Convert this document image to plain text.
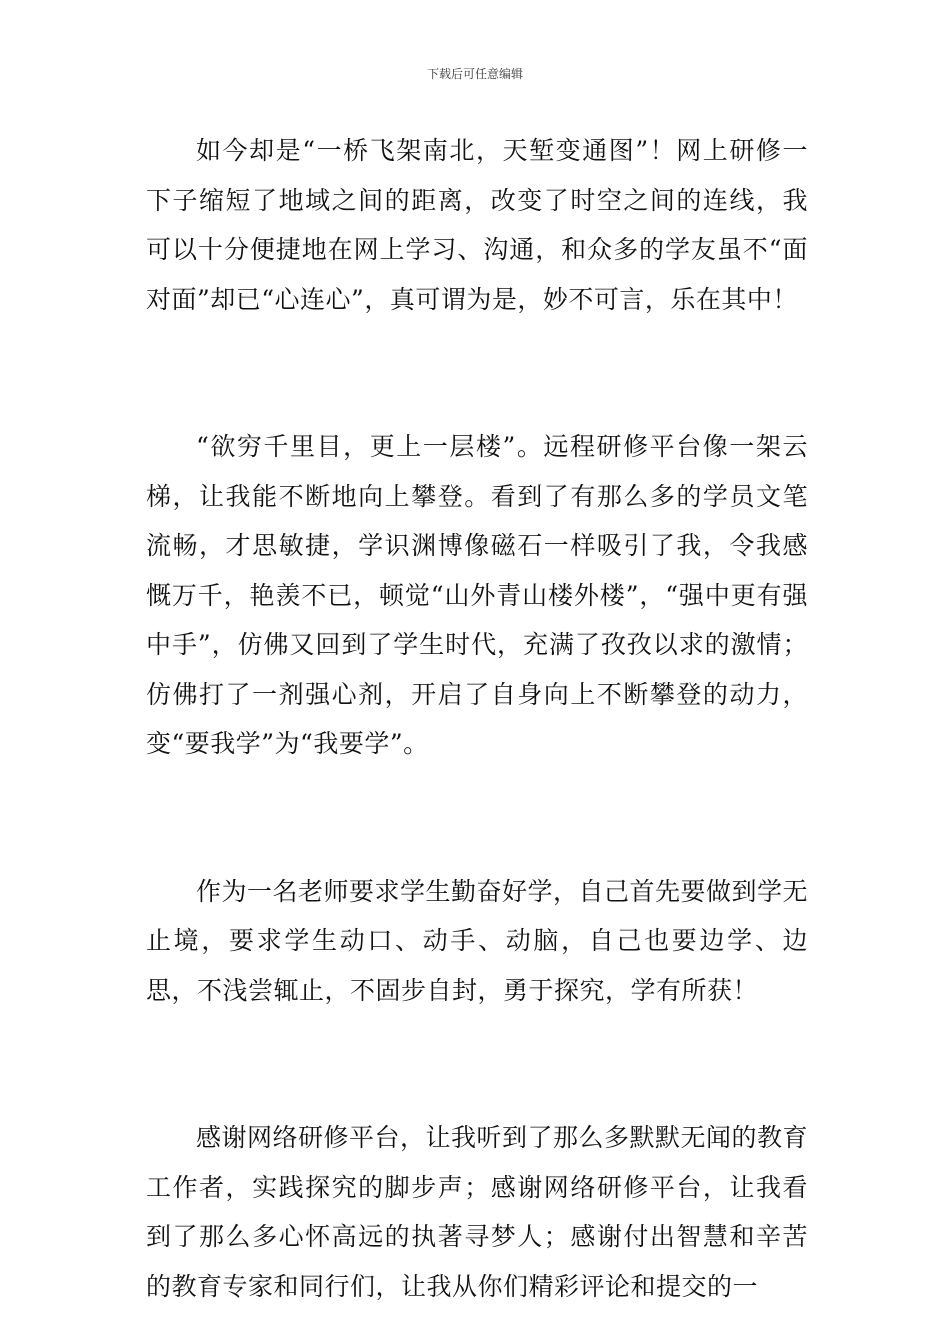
下载后可任意编辑

如今却是“一桥飞架南北，天堑变通图”！网上研修一下子缩短了地域之间的距离，改变了时空之间的连线，我可以十分便捷地在网上学习、沟通，和众多的学友虽不“面对面”却已“心连心”，真可谓为是，妙不可言，乐在其中！

“欲穷千里目，更上一层楼”。远程研修平台像一架云梯，让我能不断地向上攀登。看到了有那么多的学员文笔流畅，才思敏捷，学识渊博像磁石一样吸引了我，令我感慨万千，艳羡不已，顿觉“山外青山楼外楼”，“强中更有强中手”，仿佛又回到了学生时代，充满了孜孜以求的激情；仿佛打了一剂强心剂，开启了自身向上不断攀登的动力，变“要我学”为“我要学”。

作为一名老师要求学生勤奋好学，自己首先要做到学无止境，要求学生动口、动手、动脑，自己也要边学、边思，不浅尝辄止，不固步自封，勇于探究，学有所获！

感谢网络研修平台，让我听到了那么多默默无闻的教育工作者，实践探究的脚步声；感谢网络研修平台，让我看到了那么多心怀高远的执著寻梦人；感谢付出智慧和辛苦的教育专家和同行们，让我从你们精彩评论和提交的一
